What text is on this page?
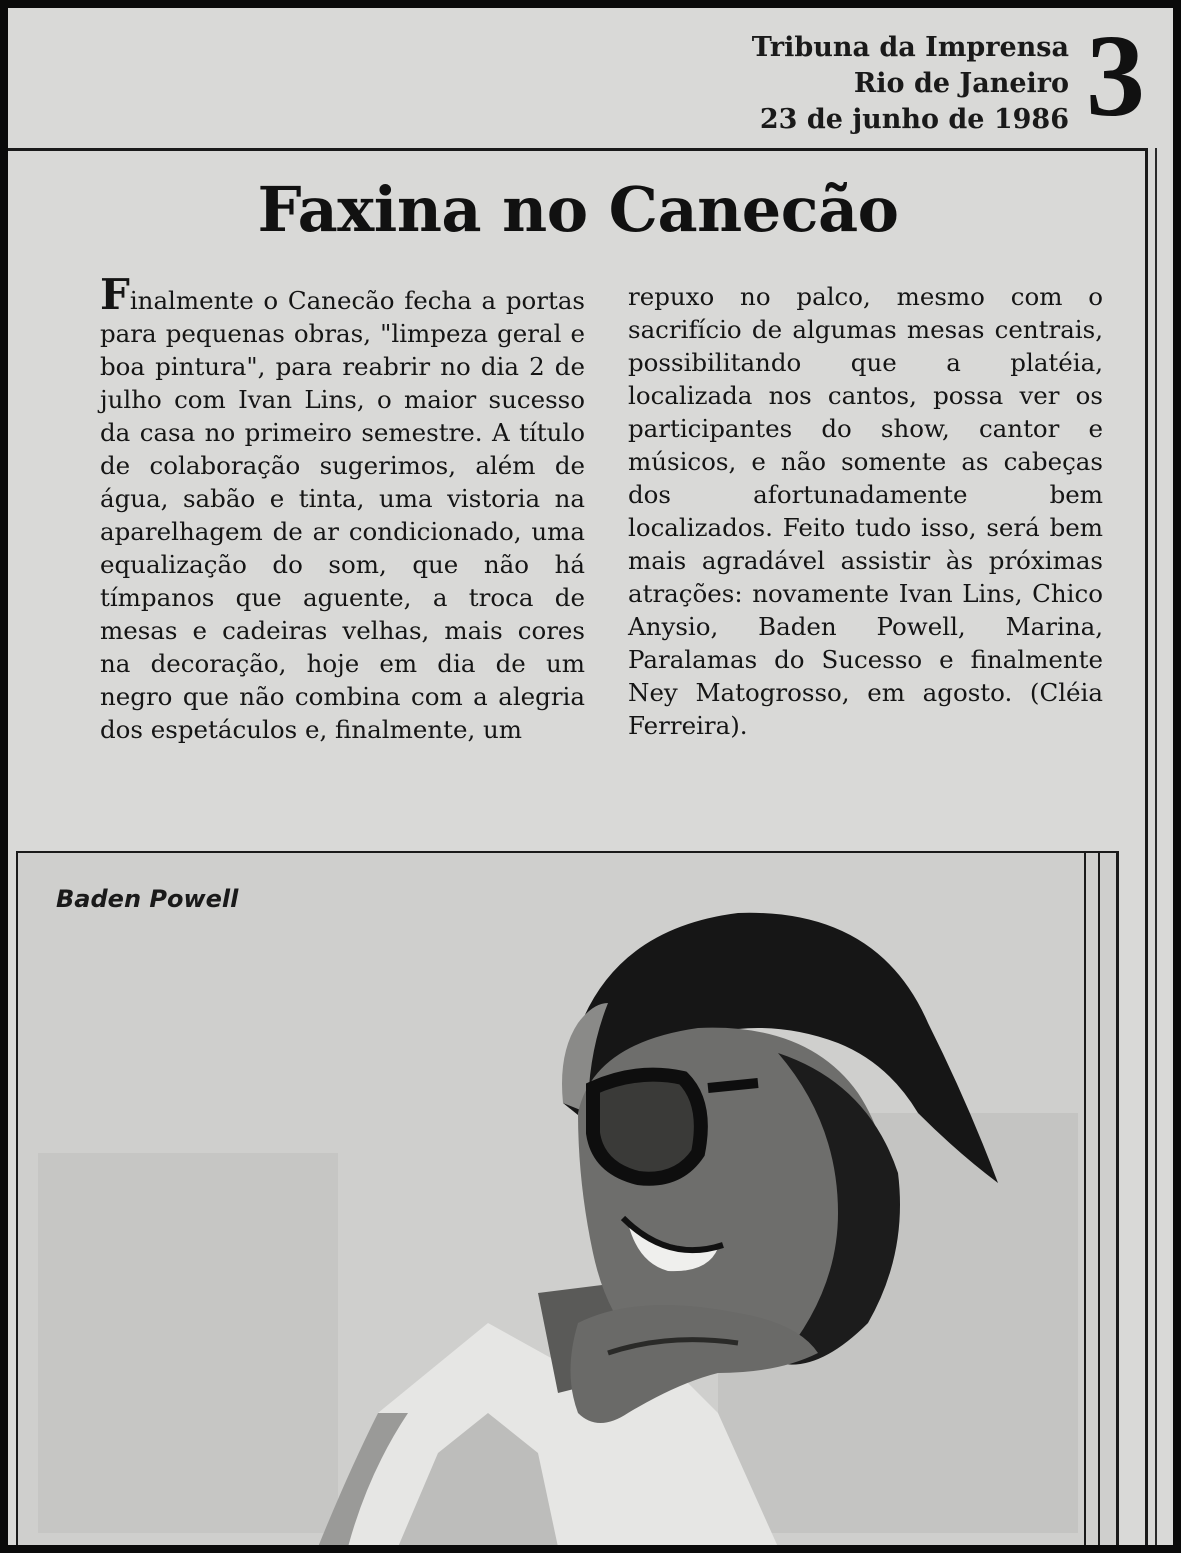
Tribuna da Imprensa
Rio de Janeiro
23 de junho de 1986 3
Faxina no Canecão

Finalmente o Canecão fecha a portas para pequenas obras, "limpeza geral e boa pintura", para reabrir no dia 2 de julho com Ivan Lins, o maior sucesso da casa no primeiro semestre. A título de colaboração sugerimos, além de água, sabão e tinta, uma vistoria na aparelhagem de ar condicionado, uma equalização do som, que não há tímpanos que aguente, a troca de mesas e cadeiras velhas, mais cores na decoração, hoje em dia de um negro que não combina com a alegria dos espetáculos e, finalmente, um

repuxo no palco, mesmo com o sacrifício de algumas mesas centrais, possibilitando que a platéia, localizada nos cantos, possa ver os participantes do show, cantor e músicos, e não somente as cabeças dos afortunadamente bem localizados. Feito tudo isso, será bem mais agradável assistir às próximas atrações: novamente Ivan Lins, Chico Anysio, Baden Powell, Marina, Paralamas do Sucesso e finalmente Ney Matogrosso, em agosto. (Cléia Ferreira).

Baden Powell
